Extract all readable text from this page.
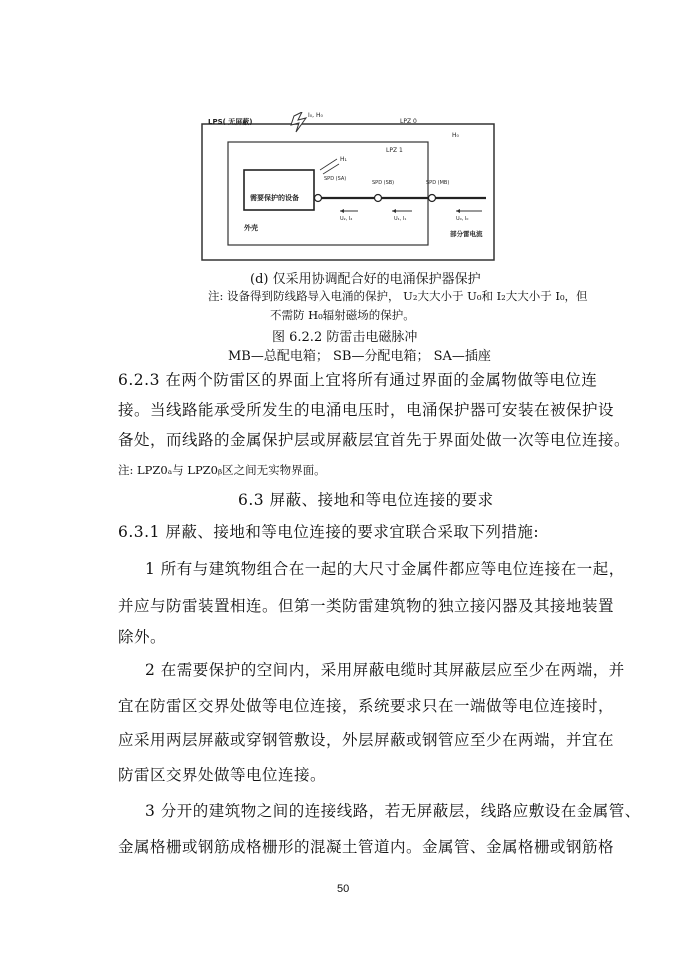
LPS( 无屏蔽)
I₀, H₀
LPZ 0
H₀
LPZ 1
H₁
需要保护的设备
外壳
SPD (SA)
SPD (SB)	SPD (MB)
U₂, I₂	U₁, I₁	U₀, I₀
部分雷电流
(d) 仅采用协调配合好的电涌保护器保护
注: 设备得到防线路导入电涌的保护， U₂大大小于 U₀和 I₂大大小于 I₀，但
不需防 H₀辐射磁场的保护。
图 6.2.2 防雷击电磁脉冲
MB—总配电箱； SB—分配电箱； SA—插座
6.2.3 在两个防雷区的界面上宜将所有通过界面的金属物做等电位连
接。当线路能承受所发生的电涌电压时，电涌保护器可安装在被保护设
备处，而线路的金属保护层或屏蔽层宜首先于界面处做一次等电位连接。
注: LPZ0ₐ与 LPZ0ᵦ区之间无实物界面。
6.3 屏蔽、接地和等电位连接的要求
6.3.1 屏蔽、接地和等电位连接的要求宜联合采取下列措施:
1 所有与建筑物组合在一起的大尺寸金属件都应等电位连接在一起，
并应与防雷装置相连。但第一类防雷建筑物的独立接闪器及其接地装置
除外。
2 在需要保护的空间内，采用屏蔽电缆时其屏蔽层应至少在两端，并
宜在防雷区交界处做等电位连接，系统要求只在一端做等电位连接时，
应采用两层屏蔽或穿钢管敷设，外层屏蔽或钢管应至少在两端，并宜在
防雷区交界处做等电位连接。
3 分开的建筑物之间的连接线路，若无屏蔽层，线路应敷设在金属管、
金属格栅或钢筋成格栅形的混凝土管道内。金属管、金属格栅或钢筋格
50
